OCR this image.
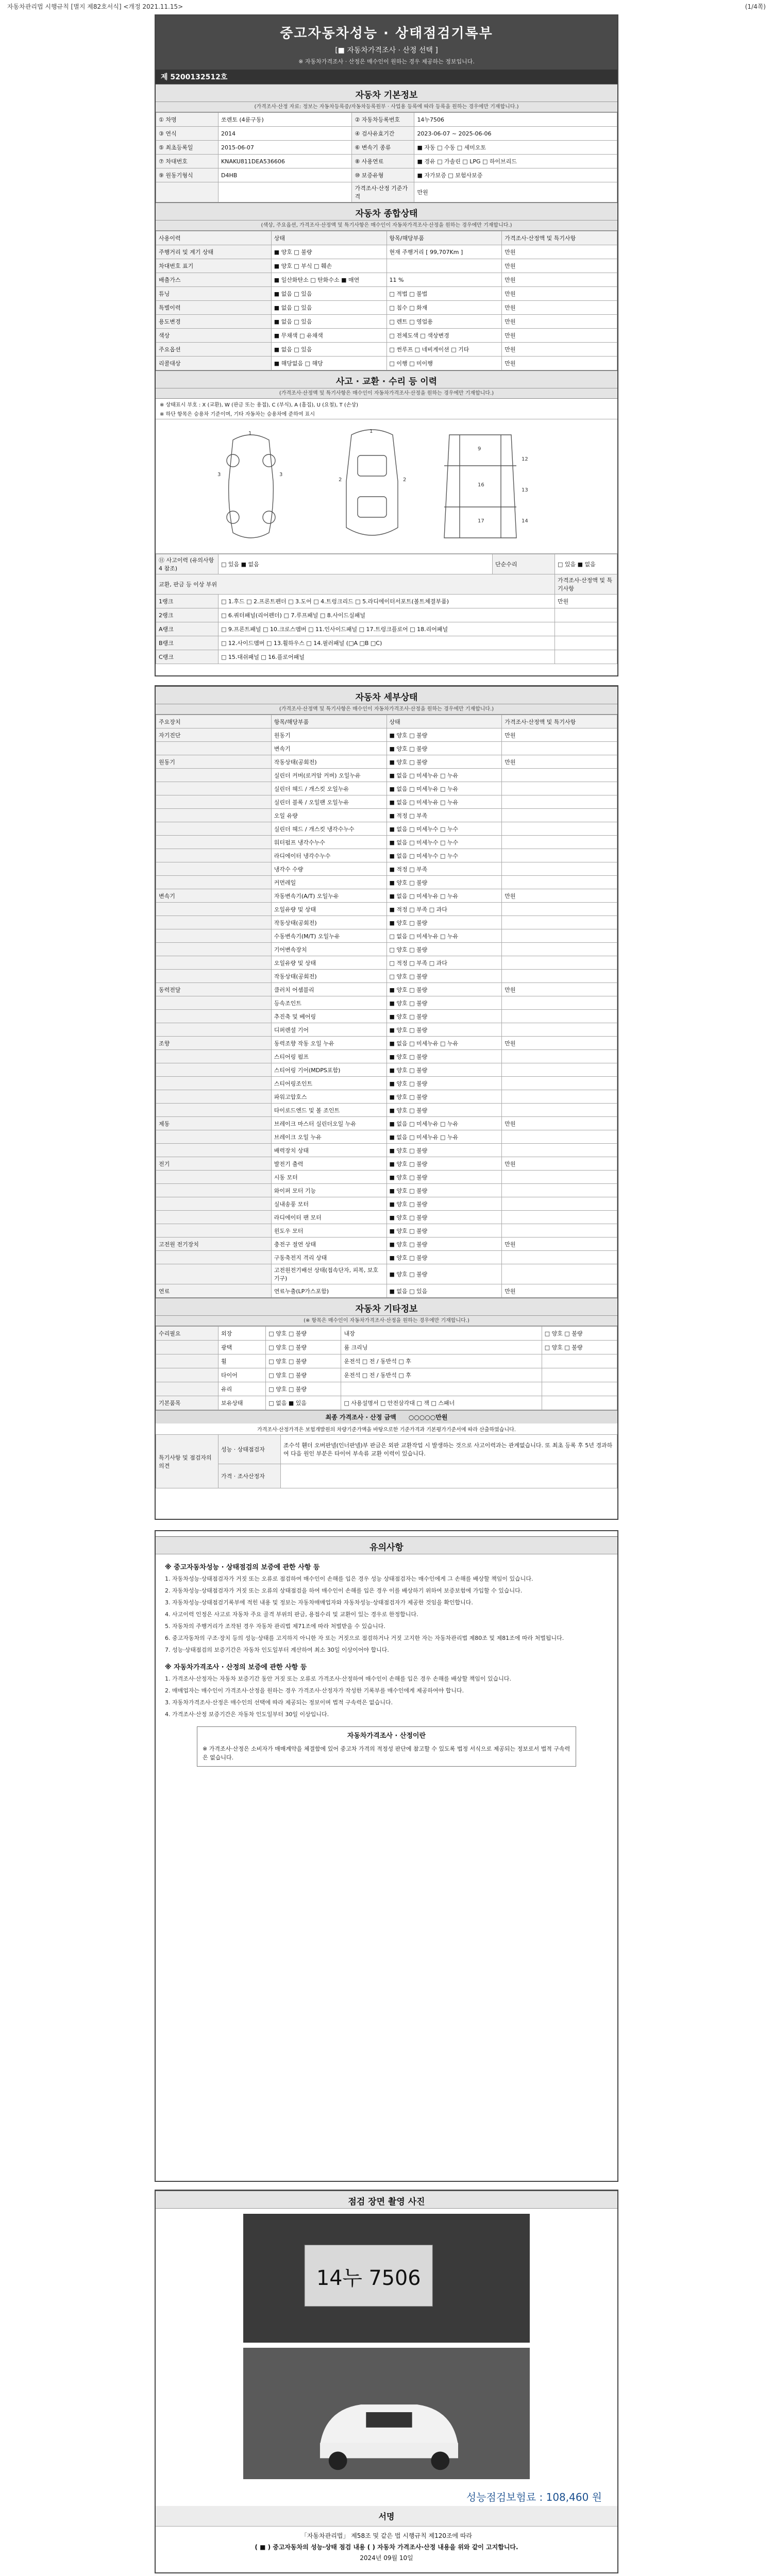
자동차관리법 시행규칙 [별지 제82호서식] <개정 2021.11.15>	(1/4쪽)
중고자동차성능 · 상태점검기록부
[■ 자동차가격조사 · 산정 선택 ]
※ 자동차가격조사 · 산정은 매수인이 원하는 경우 제공하는 정보입니다.
제 5200132512호
자동차 기본정보
(가격조사·산정 자료: 정보는 자동차등록증/자동차등록원부 · 사업용 등록에 따라 등록을 원하는 경우에만 기재합니다.)
① 차명	쏘렌토 (4륜구동)	② 자동차등록번호	14누7506
③ 연식	2014	④ 검사유효기간	2023-06-07 ~ 2025-06-06
⑤ 최초등록일	2015-06-07	⑥ 변속기 종류	■ 자동 □ 수동 □ 세미오토
⑦ 차대번호	KNAKU811DEA536606	⑧ 사용연료	■ 경유 □ 가솔린 □ LPG □ 하이브리드
⑨ 원동기형식	D4HB	⑩ 보증유형	■ 자가보증 □ 보험사보증
		가격조사·산정 기준가격	만원
자동차 종합상태
(색상, 주요옵션, 가격조사·산정액 및 특기사항은 매수인이 자동차가격조사·산정을 원하는 경우에만 기재합니다.)
사용이력	상태	항목/해당부품	가격조사·산정액 및 특기사항
주행거리 및 계기 상태	■ 양호 □ 불량	현재 주행거리 [ 99,707Km ]	만원
차대번호 표기	■ 양호 □ 부식 □ 훼손		만원
배출가스	■ 일산화탄소 □ 탄화수소 ■ 매연	11 %	만원
튜닝	■ 없음 □ 있음	□ 적법 □ 불법	만원
특별이력	■ 없음 □ 있음	□ 침수 □ 화재	만원
용도변경	■ 없음 □ 있음	□ 렌트 □ 영업용	만원
색상	■ 무채색 □ 유채색	□ 전체도색 □ 색상변경	만원
주요옵션	■ 없음 □ 있음	□ 썬루프 □ 네비게이션 □ 기타	만원
리콜대상	■ 해당없음 □ 해당	□ 이행 □ 미이행	만원
사고 · 교환 · 수리 등 이력
(가격조사·산정액 및 특기사항은 매수인이 자동차가격조사·산정을 원하는 경우에만 기재합니다.)
※ 상태표시 부호 : X (교환), W (판금 또는 용접), C (부식), A (흠집), U (요철), T (손상)
※ 하단 항목은 승용차 기준이며, 기타 자동차는 승용차에 준하여 표시
1
3	3
1
2	2
9
16
17
12
13
14
⑪ 사고이력 (유의사항 4 참조)	□ 있음 ■ 없음	단순수리	□ 있음 ■ 없음
교환, 판금 등 이상 부위			가격조사·산정액 및 특기사항
1랭크	□ 1.후드 □ 2.프론트펜더 □ 3.도어 □ 4.트렁크리드 □ 5.라디에이터서포트(볼트체결부품)		만원
2랭크	□ 6.쿼터패널(리어펜더) □ 7.루프패널 □ 8.사이드실패널		
A랭크	□ 9.프론트패널 □ 10.크로스멤버 □ 11.인사이드패널 □ 17.트렁크플로어 □ 18.리어패널		
B랭크	□ 12.사이드멤버 □ 13.휠하우스 □ 14.필러패널 (□A □B □C)		
C랭크	□ 15.대쉬패널 □ 16.플로어패널		
자동차 세부상태
(가격조사·산정액 및 특기사항은 매수인이 자동차가격조사·산정을 원하는 경우에만 기재합니다.)
주요장치	항목/해당부품	상태	가격조사·산정액 및 특기사항
자기진단	원동기	■ 양호 □ 불량	만원
	변속기	■ 양호 □ 불량	
원동기	작동상태(공회전)	■ 양호 □ 불량	만원
	실린더 커버(로커암 커버) 오일누유	■ 없음 □ 미세누유 □ 누유	
	실린더 헤드 / 개스킷 오일누유	■ 없음 □ 미세누유 □ 누유	
	실린더 블록 / 오일팬 오일누유	■ 없음 □ 미세누유 □ 누유	
	오일 유량	■ 적정 □ 부족	
	실린더 헤드 / 개스킷 냉각수누수	■ 없음 □ 미세누수 □ 누수	
	워터펌프 냉각수누수	■ 없음 □ 미세누수 □ 누수	
	라디에이터 냉각수누수	■ 없음 □ 미세누수 □ 누수	
	냉각수 수량	■ 적정 □ 부족	
	커먼레일	■ 양호 □ 불량	
변속기	자동변속기(A/T) 오일누유	■ 없음 □ 미세누유 □ 누유	만원
	오일유량 및 상태	■ 적정 □ 부족 □ 과다	
	작동상태(공회전)	■ 양호 □ 불량	
	수동변속기(M/T) 오일누유	□ 없음 □ 미세누유 □ 누유	
	기어변속장치	□ 양호 □ 불량	
	오일유량 및 상태	□ 적정 □ 부족 □ 과다	
	작동상태(공회전)	□ 양호 □ 불량	
동력전달	클러치 어셈블리	■ 양호 □ 불량	만원
	등속조인트	■ 양호 □ 불량	
	추진축 및 베어링	■ 양호 □ 불량	
	디퍼렌셜 기어	■ 양호 □ 불량	
조향	동력조향 작동 오일 누유	■ 없음 □ 미세누유 □ 누유	만원
	스티어링 펌프	■ 양호 □ 불량	
	스티어링 기어(MDPS포함)	■ 양호 □ 불량	
	스티어링조인트	■ 양호 □ 불량	
	파워고압호스	■ 양호 □ 불량	
	타이로드엔드 및 볼 조인트	■ 양호 □ 불량	
제동	브레이크 마스터 실린더오일 누유	■ 없음 □ 미세누유 □ 누유	만원
	브레이크 오일 누유	■ 없음 □ 미세누유 □ 누유	
	배력장치 상태	■ 양호 □ 불량	
전기	발전기 출력	■ 양호 □ 불량	만원
	시동 모터	■ 양호 □ 불량	
	와이퍼 모터 기능	■ 양호 □ 불량	
	실내송풍 모터	■ 양호 □ 불량	
	라디에이터 팬 모터	■ 양호 □ 불량	
	윈도우 모터	■ 양호 □ 불량	
고전원 전기장치	충전구 절연 상태	■ 양호 □ 불량	만원
	구동축전지 격리 상태	■ 양호 □ 불량	
	고전원전기배선 상태(접속단자, 피복, 보호기구)	■ 양호 □ 불량	
연료	연료누출(LP가스포함)	■ 없음 □ 있음	만원
자동차 기타정보
(※ 항목은 매수인이 자동차가격조사·산정을 원하는 경우에만 기재합니다.)
수리필요	외장	□ 양호 □ 불량	내장	□ 양호 □ 불량
	광택	□ 양호 □ 불량	룸 크리닝	□ 양호 □ 불량
	휠	□ 양호 □ 불량	운전석 □ 전 / 동반석 □ 후	
	타이어	□ 양호 □ 불량	운전석 □ 전 / 동반석 □ 후	
	유리	□ 양호 □ 불량		
기본품목	보유상태	□ 없음 ■ 있음	□ 사용설명서 □ 안전삼각대 □ 잭 □ 스패너	
최종 가격조사 · 산정 금액 ○○○○○만원
가격조사·산정가격은 보험개발원의 차량기준가액을 바탕으로한 기준가격과 기본평가기준서에 따라 산출하였습니다.
특기사항 및 점검자의 의견	성능 · 상태점검자	조수석 휀더 오버판넬(인너판넬)부 판금은 외판 교환작업 시 발생하는 것으로 사고이력과는 관계없습니다. 또 최초 등록 후 5년 경과하여 다음 원인 부분은 타이어 부속류 교환 이력이 있습니다.
	가격 · 조사산정자	
유의사항
※ 중고자동차성능 · 상태점검의 보증에 관한 사항 등

1. 자동차성능·상태점검자가 거짓 또는 오류로 점검하여 매수인이 손해를 입은 경우 성능 상태점검자는 매수인에게 그 손해를 배상할 책임이 있습니다.

2. 자동차성능·상태점검자가 거짓 또는 오류의 상태점검을 하여 매수인이 손해를 입은 경우 이를 배상하기 위하여 보증보험에 가입할 수 있습니다.

3. 자동차성능·상태점검기록부에 적힌 내용 및 정보는 자동차매매업자와 자동차성능·상태점검자가 제공한 것임을 확인합니다.

4. 사고이력 인정은 사고로 자동차 주요 골격 부위의 판금, 용접수리 및 교환이 있는 경우로 한정합니다.

5. 자동차의 주행거리가 조작된 경우 자동차 관리법 제71조에 따라 처벌받을 수 있습니다.

6. 중고자동차의 구조·장치 등의 성능·상태를 고지하지 아니한 자 또는 거짓으로 점검하거나 거짓 고지한 자는 자동차관리법 제80조 및 제81조에 따라 처벌됩니다.

7. 성능·상태점검의 보증기간은 자동차 인도일부터 계산하여 최소 30일 이상이어야 합니다.

※ 자동차가격조사 · 산정의 보증에 관한 사항 등

1. 가격조사·산정자는 자동차 보증기간 동안 거짓 또는 오류로 가격조사·산정하여 매수인이 손해를 입은 경우 손해를 배상할 책임이 있습니다.

2. 매매업자는 매수인이 가격조사·산정을 원하는 경우 가격조사·산정자가 작성한 기록부를 매수인에게 제공하여야 합니다.

3. 자동차가격조사·산정은 매수인의 선택에 따라 제공되는 정보이며 법적 구속력은 없습니다.

4. 가격조사·산정 보증기간은 자동차 인도일부터 30일 이상입니다.

자동차가격조사 · 산정이란
※ 가격조사·산정은 소비자가 매매계약을 체결함에 있어 중고차 가격의 적정성 판단에 참고할 수 있도록 법정 서식으로 제공되는 정보로서 법적 구속력은 없습니다.
점검 장면 촬영 사진
14누 7506
성능점검보험료 : 108,460 원
서명
「자동차관리법」 제58조 및 같은 법 시행규칙 제120조에 따라
( ■ ) 중고자동차의 성능·상태 점검 내용 ( ) 자동차 가격조사·산정 내용을 위와 같이 고지합니다.
2024년 09월 10일
